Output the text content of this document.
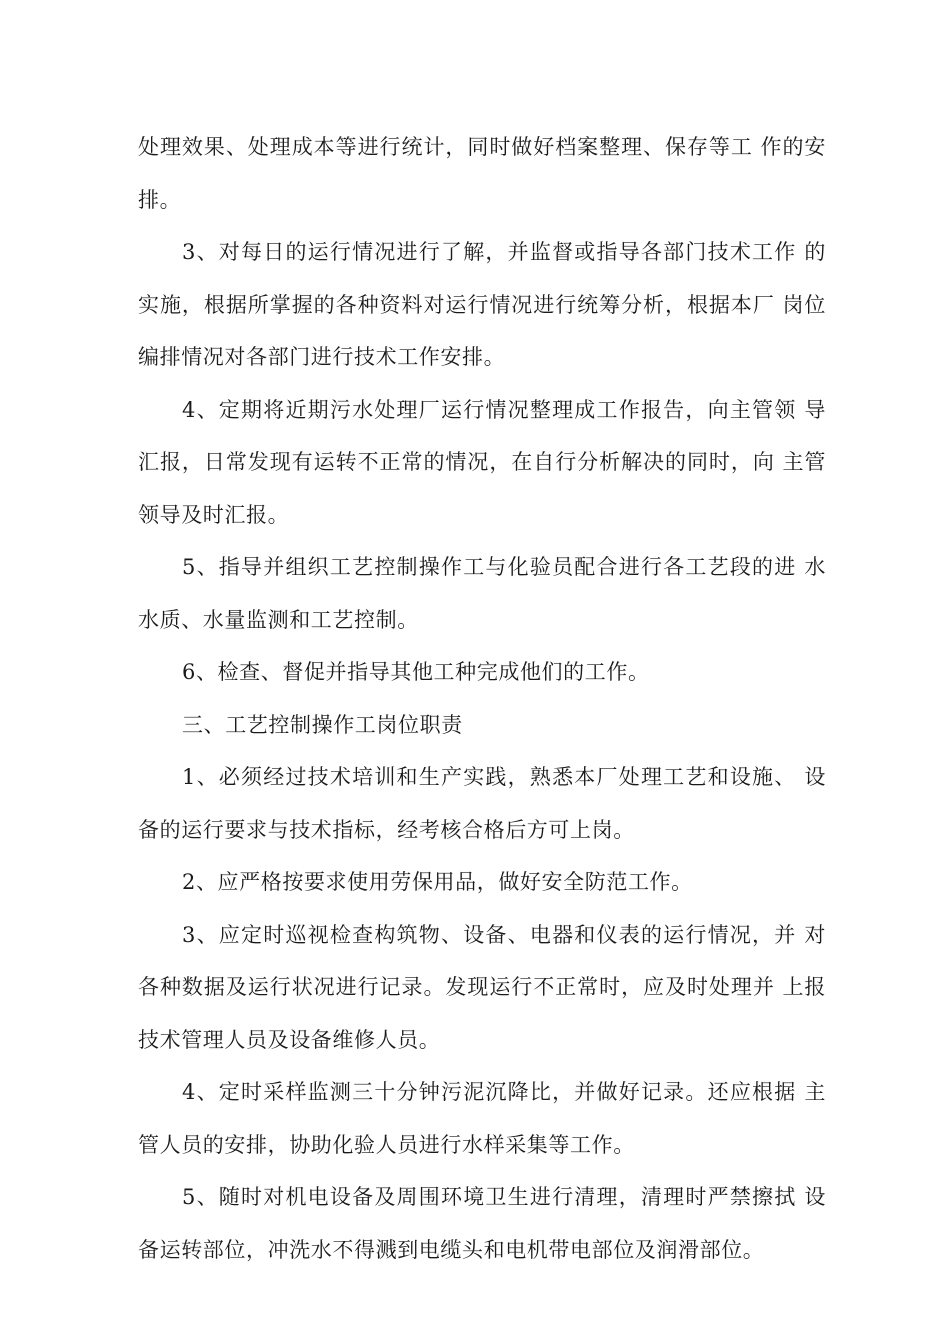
处理效果、处理成本等进行统计，同时做好档案整理、保存等工 作的安排。

3、对每日的运行情况进行了解，并监督或指导各部门技术工作 的实施，根据所掌握的各种资料对运行情况进行统筹分析，根据本厂 岗位编排情况对各部门进行技术工作安排。

4、定期将近期污水处理厂运行情况整理成工作报告，向主管领 导汇报，日常发现有运转不正常的情况，在自行分析解决的同时，向 主管领导及时汇报。

5、指导并组织工艺控制操作工与化验员配合进行各工艺段的进 水水质、水量监测和工艺控制。

6、检查、督促并指导其他工种完成他们的工作。

三、工艺控制操作工岗位职责

1、必须经过技术培训和生产实践，熟悉本厂处理工艺和设施、 设备的运行要求与技术指标，经考核合格后方可上岗。

2、应严格按要求使用劳保用品，做好安全防范工作。

3、应定时巡视检查构筑物、设备、电器和仪表的运行情况，并 对各种数据及运行状况进行记录。发现运行不正常时，应及时处理并 上报技术管理人员及设备维修人员。

4、定时采样监测三十分钟污泥沉降比，并做好记录。还应根据 主管人员的安排，协助化验人员进行水样采集等工作。

5、随时对机电设备及周围环境卫生进行清理，清理时严禁擦拭 设备运转部位，冲洗水不得溅到电缆头和电机带电部位及润滑部位。
